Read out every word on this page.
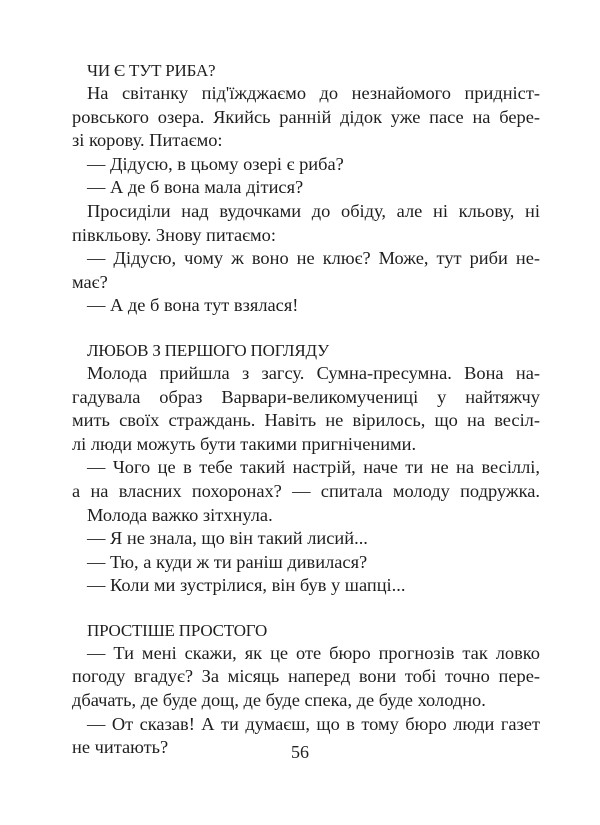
ЧИ Є ТУТ РИБА?
На світанку під'їжджаємо до незнайомого придніст-
ровського озера. Якийсь ранній дідок уже пасе на бере-
зі корову. Питаємо:
— Дідусю, в цьому озері є риба?
— А де б вона мала дітися?
Просиділи над вудочками до обіду, але ні кльову, ні
півкльову. Знову питаємо:
— Дідусю, чому ж воно не клює? Може, тут риби не-
має?
— А де б вона тут взялася!
ЛЮБОВ З ПЕРШОГО ПОГЛЯДУ
Молода прийшла з загсу. Сумна-пресумна. Вона на-
гадувала образ Варвари-великомучениці у найтяжчу
мить своїх страждань. Навіть не вірилось, що на весіл-
лі люди можуть бути такими пригніченими.
— Чого це в тебе такий настрій, наче ти не на весіллі,
а на власних похоронах? — спитала молоду подружка.
Молода важко зітхнула.
— Я не знала, що він такий лисий...
— Тю, а куди ж ти раніш дивилася?
— Коли ми зустрілися, він був у шапці...
ПРОСТІШЕ ПРОСТОГО
— Ти мені скажи, як це оте бюро прогнозів так ловко
погоду вгадує? За місяць наперед вони тобі точно пере-
дбачать, де буде дощ, де буде спека, де буде холодно.
— От сказав! А ти думаєш, що в тому бюро люди газет
не читають?	56
